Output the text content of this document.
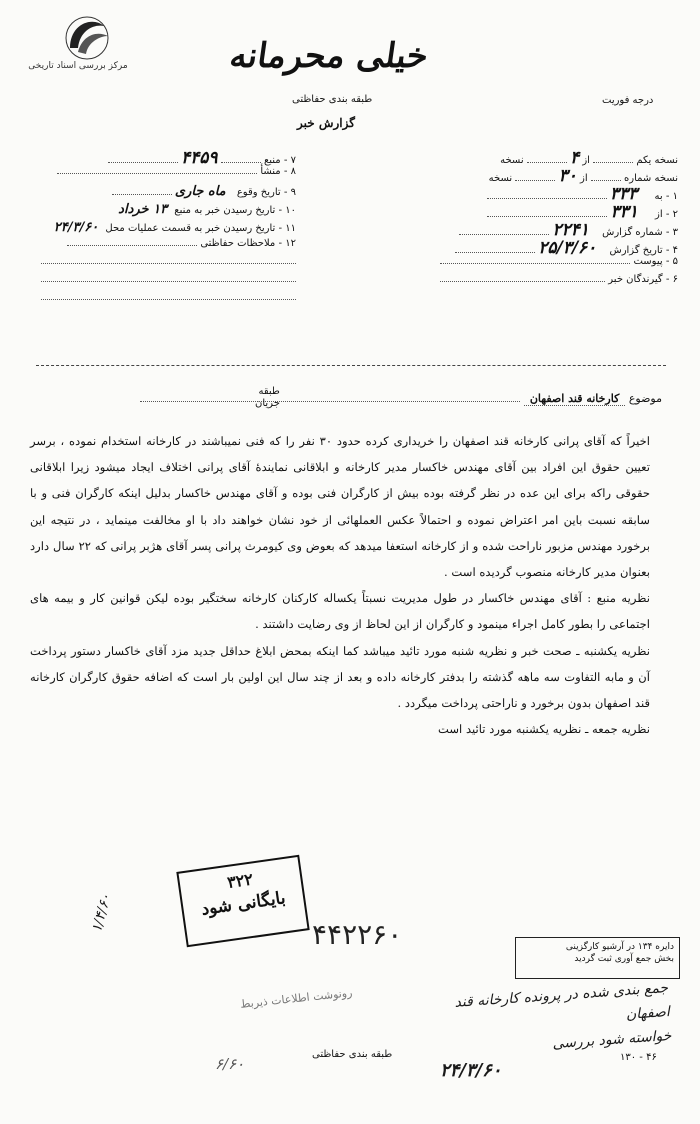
مرکز بررسی اسناد تاریخی	خیلی محرمانه
طبقه بندی حفاظتی
گزارش خبر
درجه فوریت
نسخه یکم  از ۴  نسخه
نسخه شماره  از ۳۰  نسخه
۱ - به ۳۳۳
۲ - از ۳۳۱
۳ - شماره گزارش ۲۲۴۱
۴ - تاریخ گزارش ۲۵/۳/۶۰
۵ - پیوست
۶ - گیرندگان خبر
۷ - منبع  ۴۴۵۹
۸ - منشأ
۹ - تاریخ وقوع ماه جاری
۱۰ - تاریخ رسیدن خبر به منبع ۱۳ خرداد
۱۱ - تاریخ رسیدن خبر به قسمت عملیات محل ۲۴/۳/۶۰
۱۲ - ملاحظات حفاظتی
موضوع کارخانه قند اصفهان
طبقه
جریان

اخیراً که آقای پرانی کارخانه قند اصفهان را خریداری کرده حدود ۳۰ نفر را که فنی نمیباشند در کارخانه استخدام نموده ، برسر تعیین حقوق این افراد بین آقای مهندس خاکسار مدیر کارخانه و ابلاقانی نمایندهٔ آقای پرانی اختلاف ایجاد میشود زیرا ابلاقانی حقوقی راکه برای این عده در نظر گرفته بوده بیش از کارگران فنی بوده و آقای مهندس خاکسار بدلیل اینکه کارگران فنی و با سابقه نسبت باین امر اعتراض نموده و احتمالاً عکس العملهائی از خود نشان خواهند داد با او مخالفت مینماید ، در نتیجه این برخورد مهندس مزبور ناراحت شده و از کارخانه استعفا میدهد که بعوض وی کیومرث پرانی پسر آقای هژبر پرانی که ۲۲ سال دارد بعنوان مدیر کارخانه منصوب گردیده است .

نظریه منبع : آقای مهندس خاکسار در طول مدیریت نسبتاً یکساله کارکنان کارخانه سختگیر بوده لیکن قوانین کار و بیمه های اجتماعی را بطور کامل اجراء مینمود و کارگران از این لحاظ از وی رضایت داشتند .

نظریه یکشنبه ـ صحت خبر و نظریه شنبه مورد تائید میباشد کما اینکه بمحض ابلاغ حداقل جدید مزد آقای خاکسار دستور پرداخت آن و مابه التفاوت سه ماهه گذشته را بدفتر کارخانه داده و بعد از چند سال این اولین بار است که اضافه حقوق کارگران کارخانه قند اصفهان بدون برخورد و ناراحتی پرداخت میگردد .

نظریه جمعه ـ نظریه یکشنبه مورد تائید است

۱/۴/۶۰
۳۲۲
بایگانی شود
۴۴۲۲۶۰	دایره ۱۳۴ در آرشیو کارگزینی
بخش جمع آوری ثبت گردید
رونوشت اطلاعات ذیربط	جمع بندی شده در پرونده کارخانه قند اصفهان
خواسته شود بررسی
۲۴/۳/۶۰
۶/۶۰
طبقه بندی حفاظتی	۱۳۰ - ۴۶
